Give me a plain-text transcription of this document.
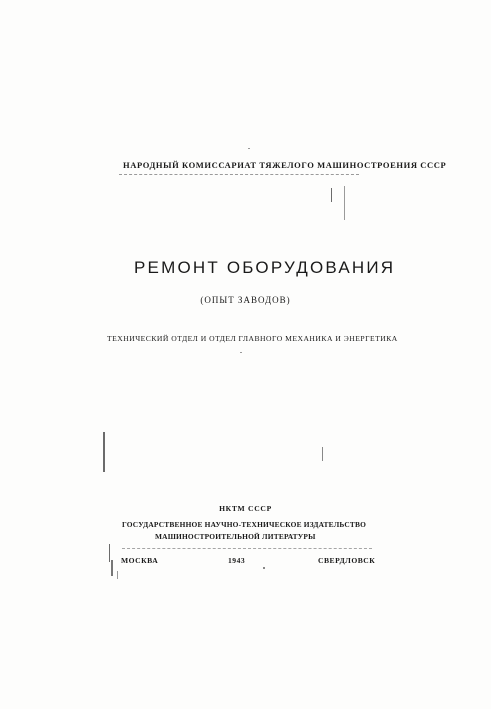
НАРОДНЫЙ КОМИССАРИАТ ТЯЖЕЛОГО МАШИНОСТРОЕНИЯ СССР
РЕМОНТ ОБОРУДОВАНИЯ
(ОПЫТ ЗАВОДОВ)
ТЕХНИЧЕСКИЙ ОТДЕЛ И ОТДЕЛ ГЛАВНОГО МЕХАНИКА И ЭНЕРГЕТИКА
НКТМ СССР
ГОСУДАРСТВЕННОЕ НАУЧНО-ТЕХНИЧЕСКОЕ ИЗДАТЕЛЬСТВО
МАШИНОСТРОИТЕЛЬНОЙ ЛИТЕРАТУРЫ
МОСКВА	1943	СВЕРДЛОВСК
